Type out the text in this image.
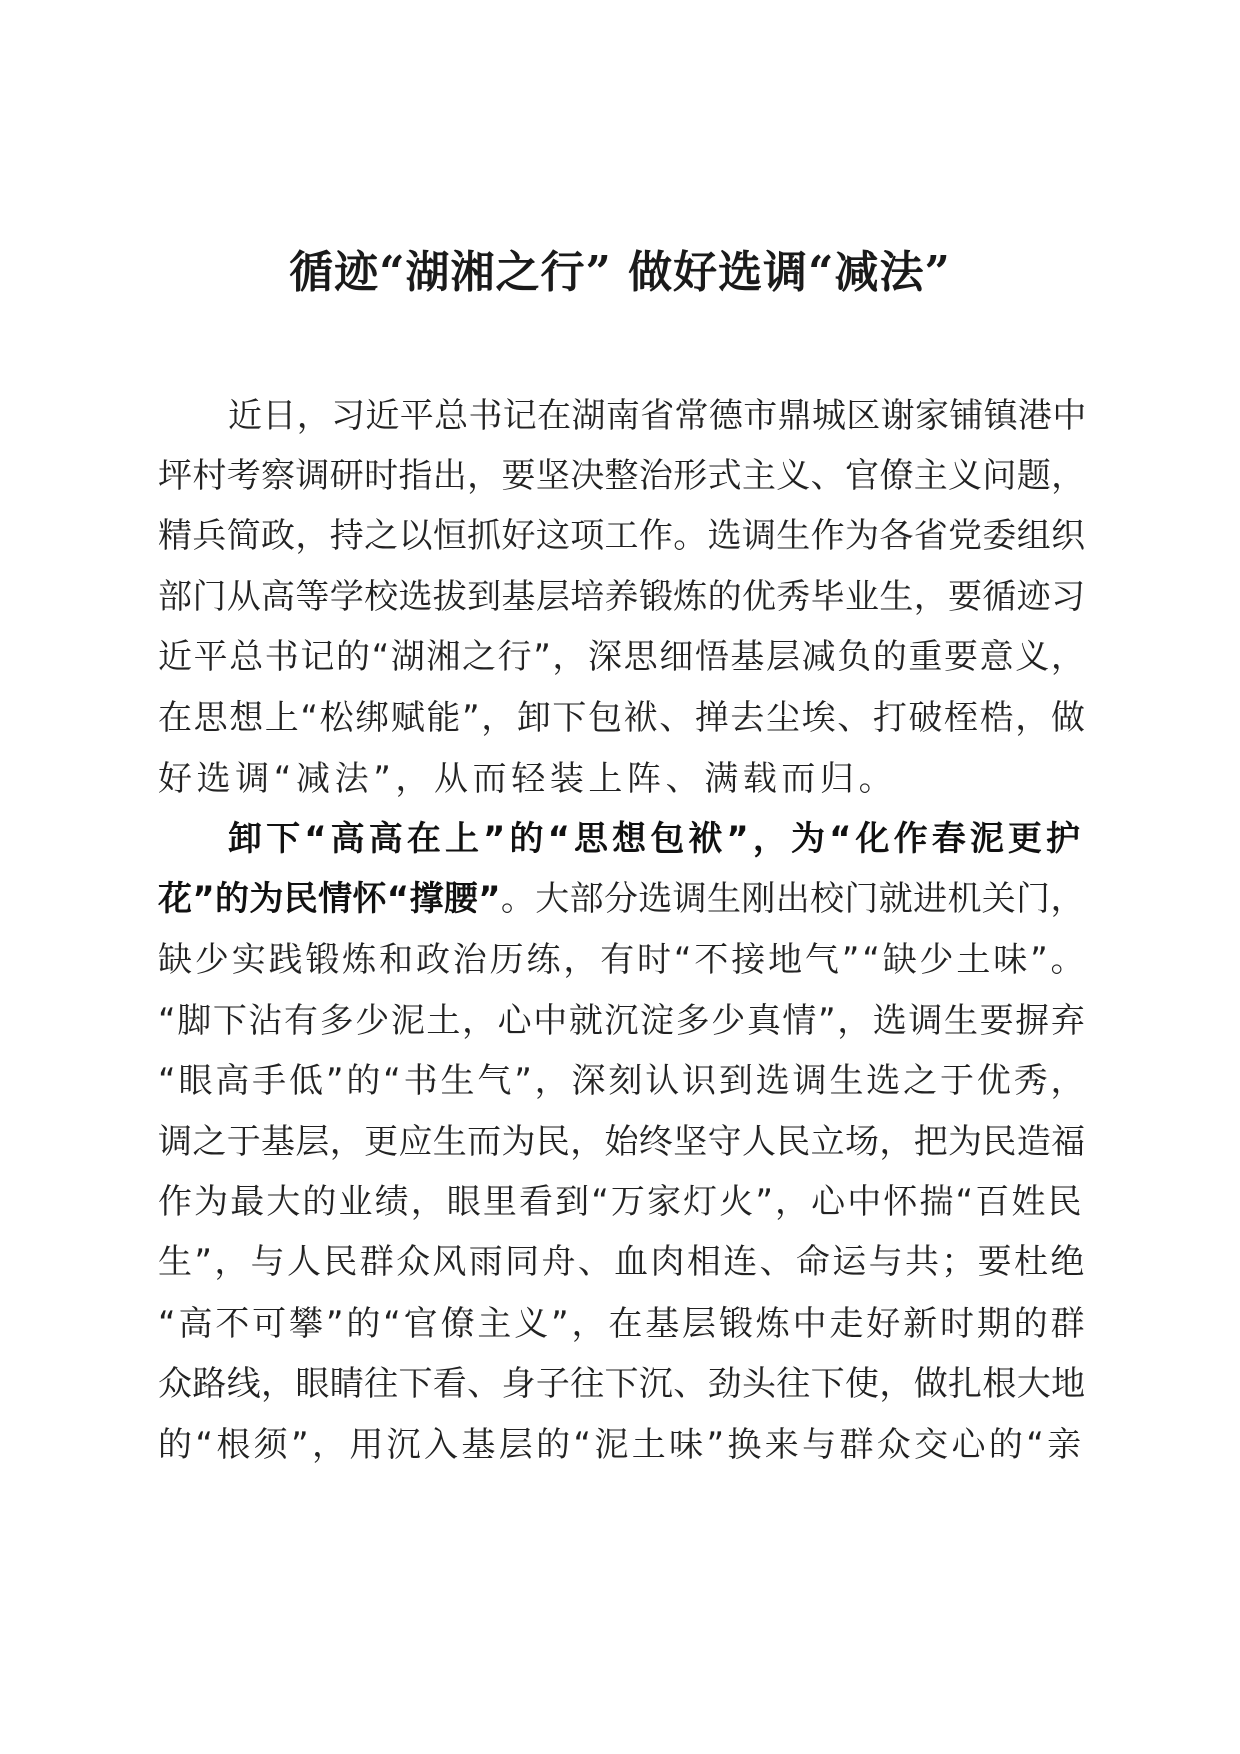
循迹“湖湘之行” 做好选调“减法”
近日，习近平总书记在湖南省常德市鼎城区谢家铺镇港中
坪村考察调研时指出，要坚决整治形式主义、官僚主义问题，
精兵简政，持之以恒抓好这项工作。选调生作为各省党委组织
部门从高等学校选拔到基层培养锻炼的优秀毕业生，要循迹习
近平总书记的“湖湘之行”，深思细悟基层减负的重要意义，
在思想上“松绑赋能”，卸下包袱、掸去尘埃、打破桎梏，做
好选调“减法”，从而轻装上阵、满载而归。
卸下“高高在上”的“思想包袱”，为“化作春泥更护
花”的为民情怀“撑腰”。大部分选调生刚出校门就进机关门，
缺少实践锻炼和政治历练，有时“不接地气”“缺少土味”。
“脚下沾有多少泥土，心中就沉淀多少真情”，选调生要摒弃
“眼高手低”的“书生气”，深刻认识到选调生选之于优秀，
调之于基层，更应生而为民，始终坚守人民立场，把为民造福
作为最大的业绩，眼里看到“万家灯火”，心中怀揣“百姓民
生”，与人民群众风雨同舟、血肉相连、命运与共；要杜绝
“高不可攀”的“官僚主义”，在基层锻炼中走好新时期的群
众路线，眼睛往下看、身子往下沉、劲头往下使，做扎根大地
的“根须”，用沉入基层的“泥土味”换来与群众交心的“亲
